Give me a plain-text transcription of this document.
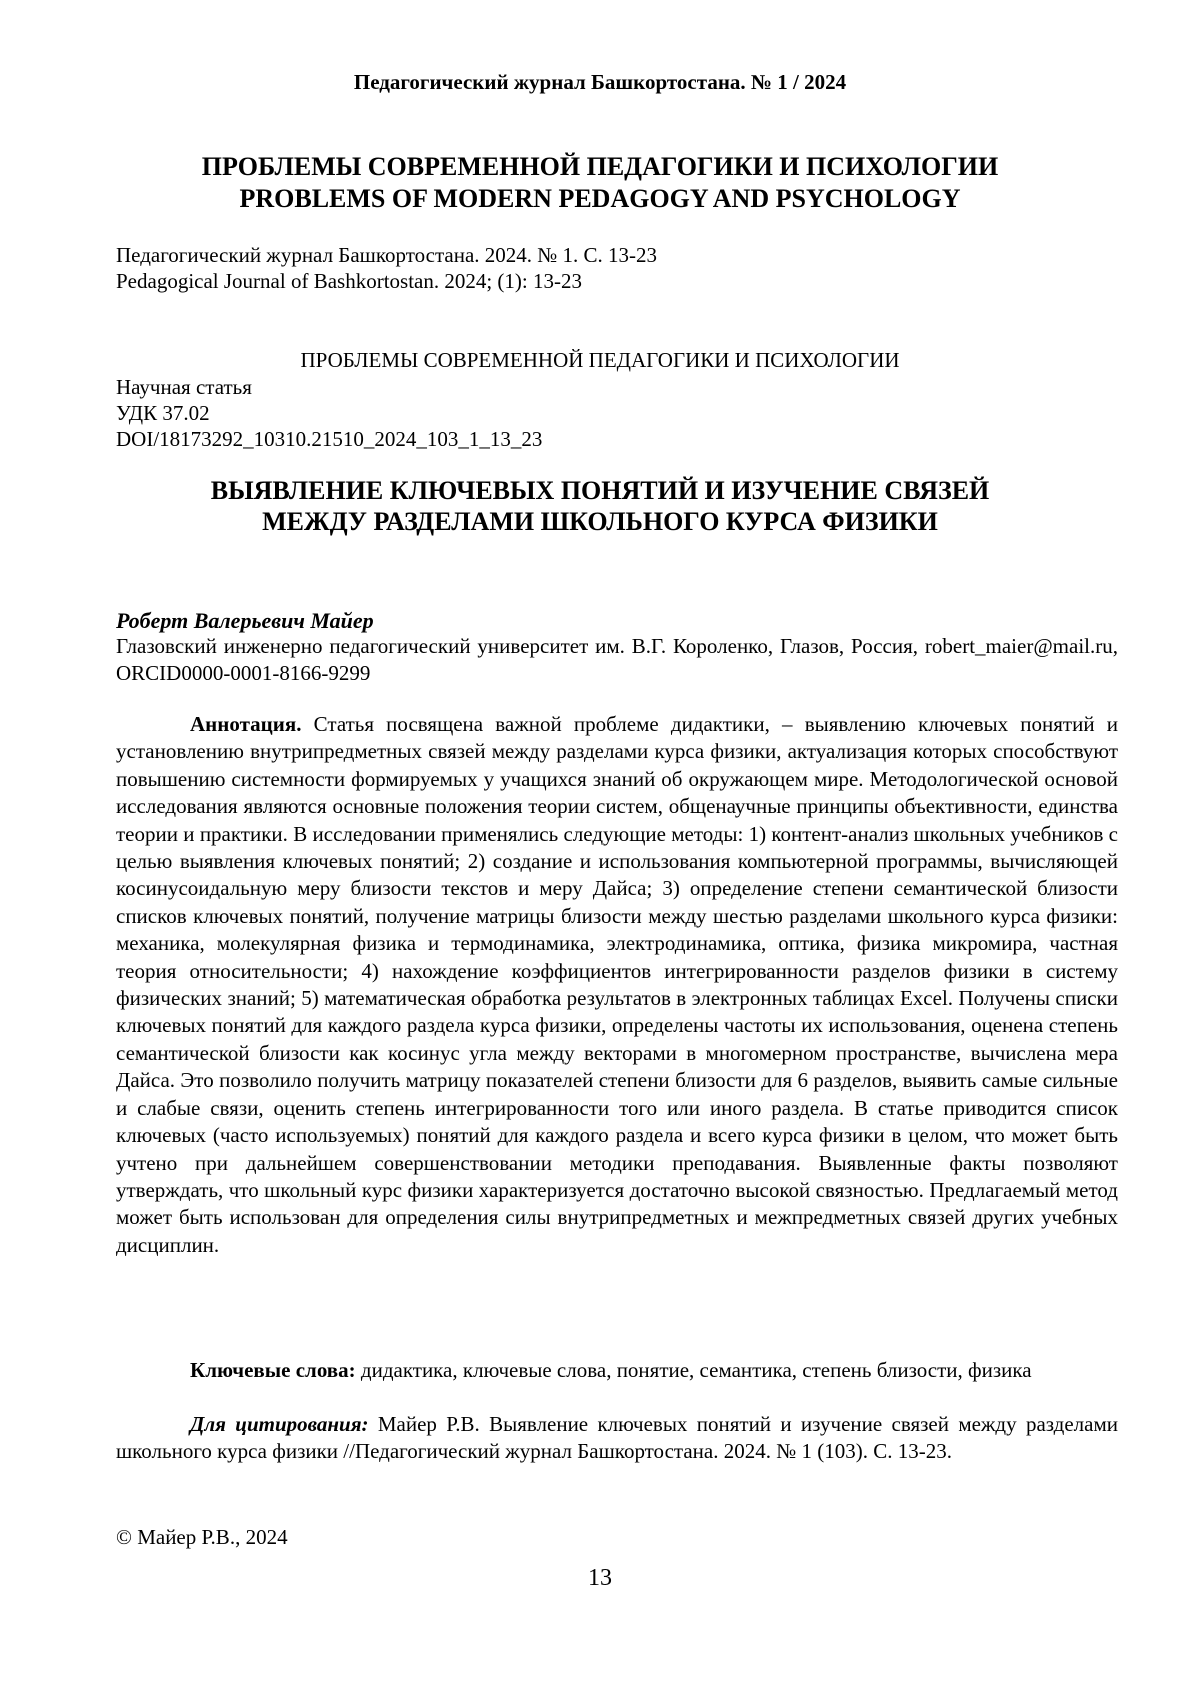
Педагогический журнал Башкортостана. № 1 / 2024
ПРОБЛЕМЫ СОВРЕМЕННОЙ ПЕДАГОГИКИ И ПСИХОЛОГИИ
PROBLEMS OF MODERN PEDAGOGY AND PSYCHOLOGY
Педагогический журнал Башкортостана. 2024. № 1. С. 13-23
Pedagogical Journal of Bashkortostan. 2024; (1): 13-23
ПРОБЛЕМЫ СОВРЕМЕННОЙ ПЕДАГОГИКИ И ПСИХОЛОГИИ
Научная статья
УДК 37.02
DOI/18173292_10310.21510_2024_103_1_13_23
ВЫЯВЛЕНИЕ КЛЮЧЕВЫХ ПОНЯТИЙ И ИЗУЧЕНИЕ СВЯЗЕЙ
МЕЖДУ РАЗДЕЛАМИ ШКОЛЬНОГО КУРСА ФИЗИКИ
Роберт Валерьевич Майер
Глазовский инженерно педагогический университет им. В.Г. Короленко, Глазов, Россия, robert_maier@mail.ru, ORCID0000-0001-8166-9299
Аннотация. Статья посвящена важной проблеме дидактики, – выявлению ключевых понятий и установлению внутрипредметных связей между разделами курса физики, актуализация которых способствуют повышению системности формируемых у учащихся знаний об окружающем мире. Методологической основой исследования являются основные положения теории систем, общенаучные принципы объективности, единства теории и практики. В исследовании применялись следующие методы: 1) контент-анализ школьных учебников с целью выявления ключевых понятий; 2) создание и использования компьютерной программы, вычисляющей косинусоидальную меру близости текстов и меру Дайса; 3) определение степени семантической близости списков ключевых понятий, получение матрицы близости между шестью разделами школьного курса физики: механика, молекулярная физика и термодинамика, электродинамика, оптика, физика микромира, частная теория относительности; 4) нахождение коэффициентов интегрированности разделов физики в систему физических знаний; 5) математическая обработка результатов в электронных таблицах Excel. Получены списки ключевых понятий для каждого раздела курса физики, определены частоты их использования, оценена степень семантической близости как косинус угла между векторами в многомерном пространстве, вычислена мера Дайса. Это позволило получить матрицу показателей степени близости для 6 разделов, выявить самые сильные и слабые связи, оценить степень интегрированности того или иного раздела. В статье приводится список ключевых (часто используемых) понятий для каждого раздела и всего курса физики в целом, что может быть учтено при дальнейшем совершенствовании методики преподавания. Выявленные факты позволяют утверждать, что школьный курс физики характеризуется достаточно высокой связностью. Предлагаемый метод может быть использован для определения силы внутрипредметных и межпредметных связей других учебных дисциплин.
Ключевые слова: дидактика, ключевые слова, понятие, семантика, степень близости, физика
Для цитирования: Майер Р.В. Выявление ключевых понятий и изучение связей между разделами школьного курса физики //Педагогический журнал Башкортостана. 2024. № 1 (103). С. 13-23.
© Майер Р.В., 2024
13
